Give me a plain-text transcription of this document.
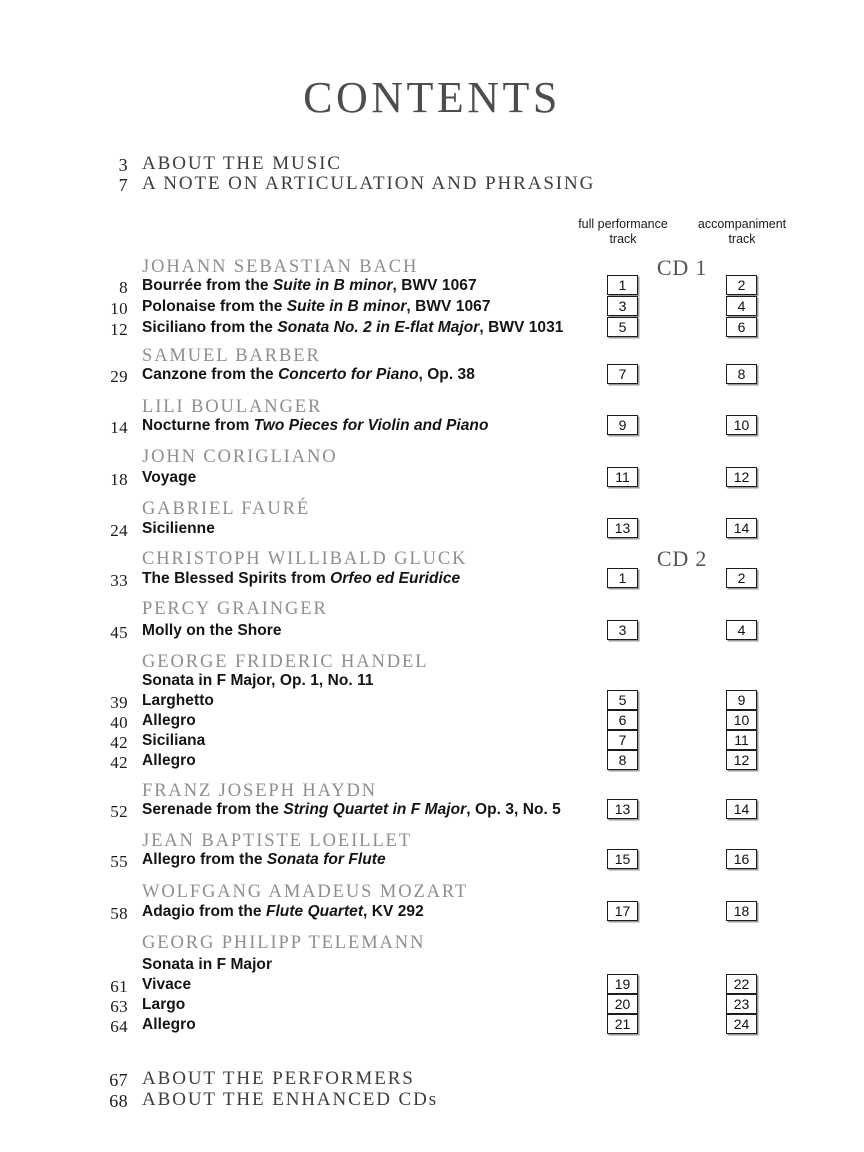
CONTENTS
3 ABOUT THE MUSIC
7 A NOTE ON ARTICULATION AND PHRASING
full performance
track
accompaniment
track
CD 1
CD 2
JOHANN SEBASTIAN BACH
8 Bourrée from the Suite in B minor, BWV 1067	1	2
10 Polonaise from the Suite in B minor, BWV 1067	3	4
12 Siciliano from the Sonata No. 2 in E-flat Major, BWV 1031	5	6
SAMUEL BARBER
29 Canzone from the Concerto for Piano, Op. 38	7	8
LILI BOULANGER
14 Nocturne from Two Pieces for Violin and Piano	9	10
JOHN CORIGLIANO
18 Voyage	11	12
GABRIEL FAURÉ
24 Sicilienne	13	14
CHRISTOPH WILLIBALD GLUCK
33 The Blessed Spirits from Orfeo ed Euridice	1	2
PERCY GRAINGER
45 Molly on the Shore	3	4
GEORGE FRIDERIC HANDEL
Sonata in F Major, Op. 1, No. 11
39 Larghetto	5	9
40 Allegro	6	10
42 Siciliana	7	11
42 Allegro	8	12
FRANZ JOSEPH HAYDN
52 Serenade from the String Quartet in F Major, Op. 3, No. 5	13	14
JEAN BAPTISTE LOEILLET
55 Allegro from the Sonata for Flute	15	16
WOLFGANG AMADEUS MOZART
58 Adagio from the Flute Quartet, KV 292	17	18
GEORG PHILIPP TELEMANN
Sonata in F Major
61 Vivace	19	22
63 Largo	20	23
64 Allegro	21	24
67 ABOUT THE PERFORMERS
68 ABOUT THE ENHANCED CDs
